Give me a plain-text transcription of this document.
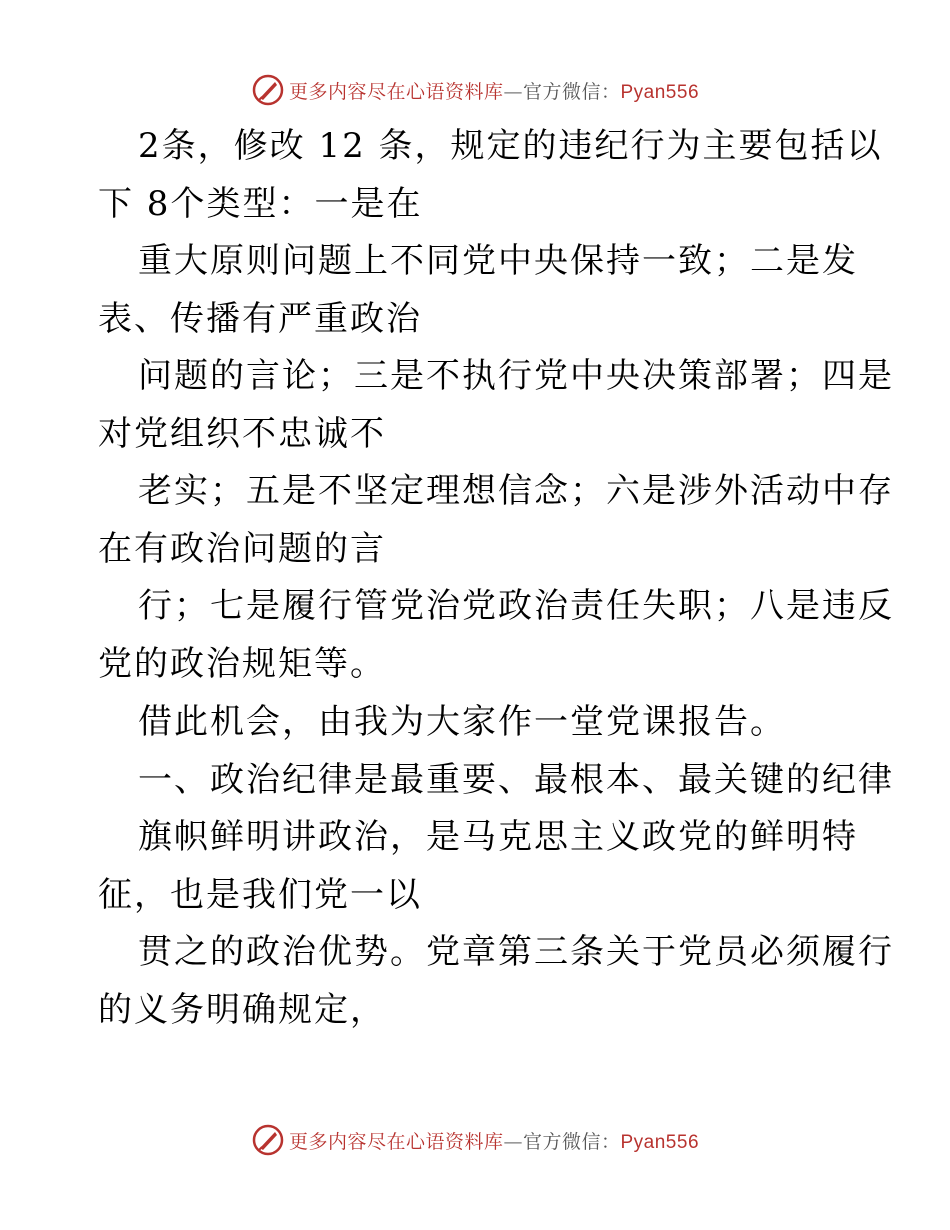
更多内容尽在心语资料库—官方微信：Pyan556
2条，修改 12 条，规定的违纪行为主要包括以
下 8个类型：一是在
重大原则问题上不同党中央保持一致；二是发
表、传播有严重政治
问题的言论；三是不执行党中央决策部署；四是
对党组织不忠诚不
老实；五是不坚定理想信念；六是涉外活动中存
在有政治问题的言
行；七是履行管党治党政治责任失职；八是违反
党的政治规矩等。
借此机会，由我为大家作一堂党课报告。
一、政治纪律是最重要、最根本、最关键的纪律
旗帜鲜明讲政治，是马克思主义政党的鲜明特
征，也是我们党一以
贯之的政治优势。党章第三条关于党员必须履行
的义务明确规定，
更多内容尽在心语资料库—官方微信：Pyan556
